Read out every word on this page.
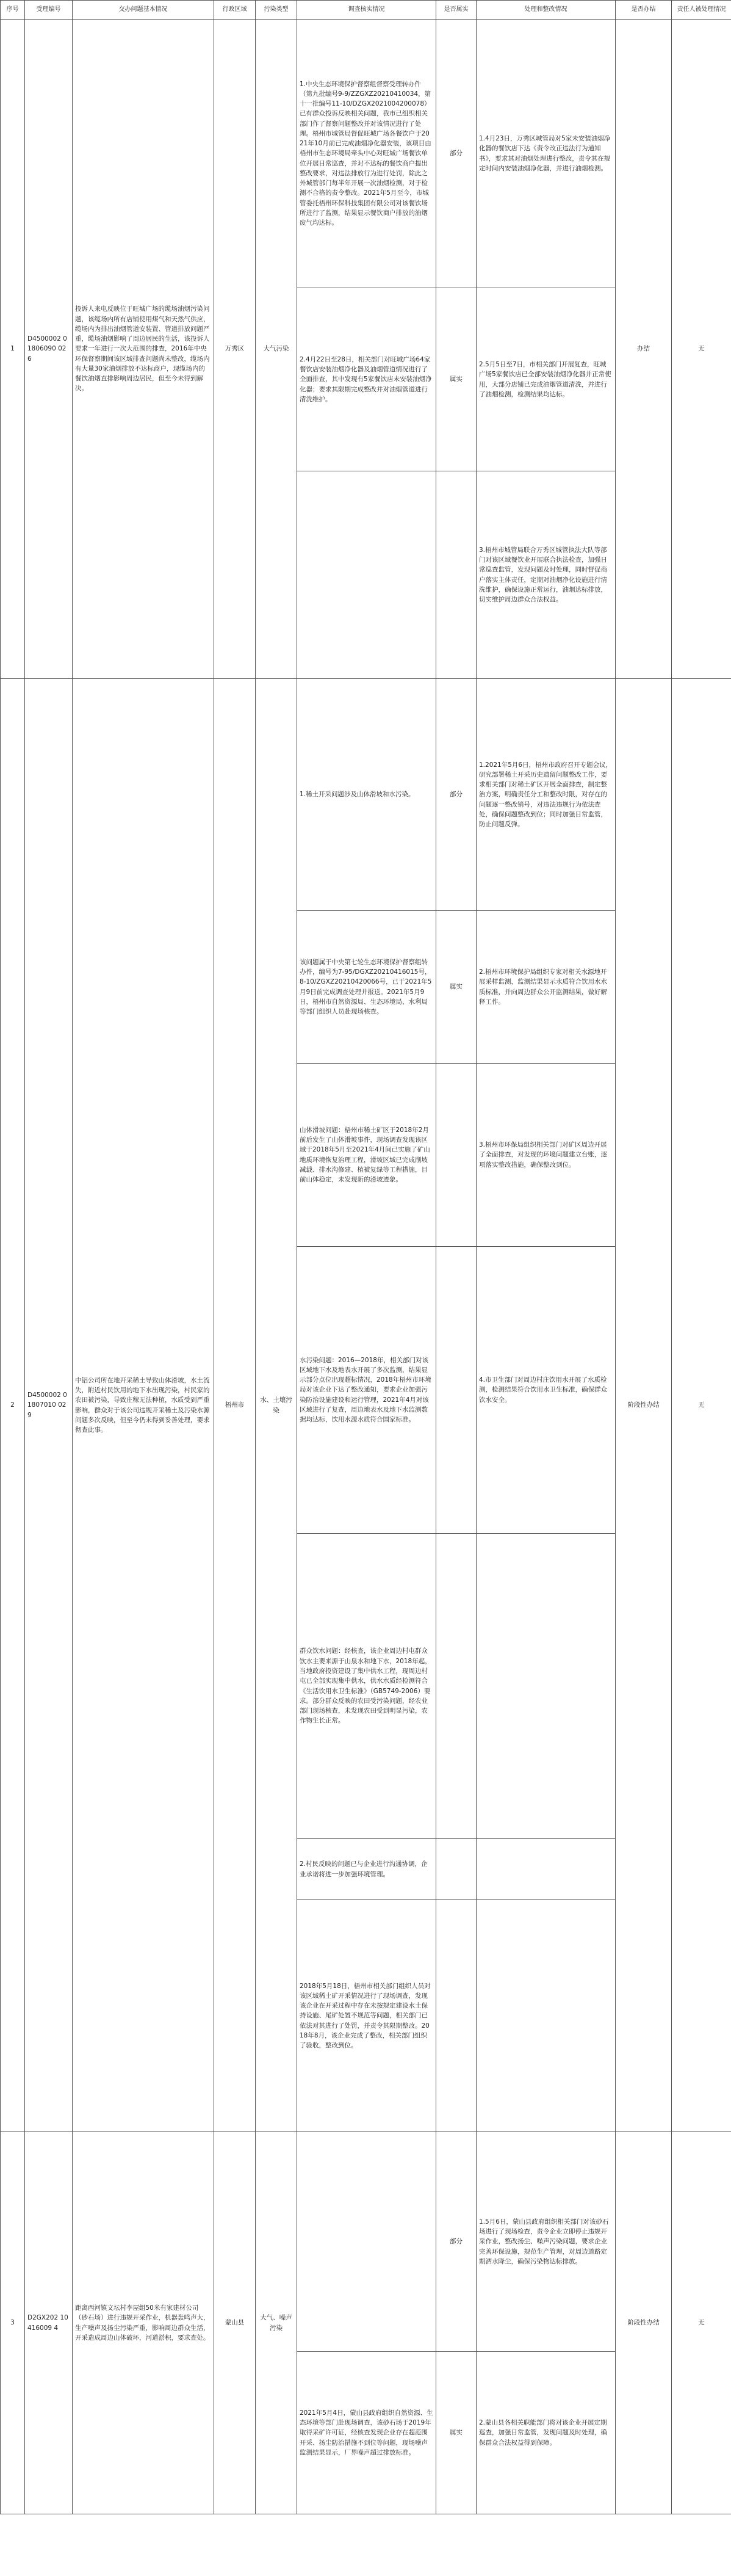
序号	受理编号	交办问题基本情况	行政区域	污染类型	调查核实情况	是否属实	处理和整改情况	是否办结	责任人被处理情况
1	D4500002 01806090 026	投诉人来电反映位于旺城广场的缆场油烟污染问题，该缆场内所有店铺使用煤气和天然气供应，缆场内为排出油烟管道安装置、管道排放问题严重，缆场油烟影响了周边居民的生活，该投诉人要求一年进行一次大范围的排查，2016年中央环保督察期间该区域排查问题尚未整改，缆场内有大量30家油烟排放不达标商户，现缆场内的餐饮油烟直排影响周边居民，但至今未得到解决。	万秀区	大气污染	1.中央生态环境保护督察组督察受理转办件（第九批编号9-9/ZZGXZ20210410034，第十一批编号11-10/DZGX2021004200078）已有群众投诉反映相关问题，我市已组织相关部门作了督察问题整改并对该情况进行了处理。梧州市城管局督促旺城广场各餐饮户于2021年10月前已完成油烟净化器安装，该项目由梧州市生态环境局牵头中心对旺城广场餐饮单位开展日常巡查，并对不达标的餐饮商户提出整改要求，对违法排放行为进行处罚，除此之外城管部门每半年开展一次油烟检测，对于检测不合格的责令整改。2021年5月至今，市城管委托梧州环保科技集团有限公司对该餐饮场所进行了监测，结果显示餐饮商户排放的油烟废气均达标。	部分	1.4月23日，万秀区城管局对5家未安装油烟净化器的餐饮店下达《责令改正违法行为通知书》，要求其对油烟处理进行整改，责令其在规定时间内安装油烟净化器，并进行油烟检测。	办结	无
					2.4月22日至28日，相关部门对旺城广场64家餐饮店安装油烟净化器及油烟管道情况进行了全面排查，其中发现有5家餐饮店未安装油烟净化器；要求其限期完成整改并对油烟管道进行清洗维护。	属实	2.5月5日至7日，市相关部门开展复查，旺城广场5家餐饮店已全部安装油烟净化器并正常使用，大部分店铺已完成油烟管道清洗，并进行了油烟检测，检测结果均达标。		
							3.梧州市城管局联合万秀区城管执法大队等部门对该区域餐饮业开展联合执法检查，加强日常巡查监管，发现问题及时处理，同时督促商户落实主体责任，定期对油烟净化设施进行清洗维护，确保设施正常运行，油烟达标排放，切实维护周边群众合法权益。		
2	D4500002 01807010 029	中铝公司所在地开采稀土导致山体滑坡，水土流失，附近村民饮用的地下水出现污染，村民家的农田被污染，导致庄稼无法种植，水质受到严重影响，群众对于该公司违规开采稀土及污染水源问题多次反映，但至今仍未得到妥善处理，要求彻查此事。	梧州市	水、土壤污染	1.稀土开采问题涉及山体滑坡和水污染。	部分	1.2021年5月6日，梧州市政府召开专题会议，研究部署稀土开采历史遗留问题整改工作，要求相关部门对稀土矿区开展全面排查，制定整治方案，明确责任分工和整改时限，对存在的问题逐一整改销号，对违法违规行为依法查处，确保问题整改到位；同时加强日常监管，防止问题反弹。	阶段性办结	无
					该问题属于中央第七轮生态环境保护督察组转办件，编号为7-95/DGXZ20210416015号，8-10/ZGXZ20210420066号，已于2021年5月9日前完成调查处理并报送。2021年5月9日，梧州市自然资源局、生态环境局、水利局等部门组织人员赴现场核查。	属实	2.梧州市环境保护局组织专家对相关水源地开展采样监测，监测结果显示水质符合饮用水水质标准，并向周边群众公开监测结果，做好解释工作。		
					山体滑坡问题：梧州市稀土矿区于2018年2月前后发生了山体滑坡事件，现场调查发现该区域于2018年5月至2021年4月间已实施了矿山地质环境恢复治理工程，滑坡区域已完成削坡减载、排水沟修建、植被复绿等工程措施，目前山体稳定，未发现新的滑坡迹象。		3.梧州市环保局组织相关部门对矿区周边开展了全面排查，对发现的环境问题建立台账，逐项落实整改措施，确保整改到位。		
					水污染问题：2016—2018年，相关部门对该区域地下水及地表水开展了多次监测，结果显示部分点位出现超标情况，2018年梧州市环境局对该企业下达了整改通知，要求企业加强污染防治设施建设和运行管理，2021年4月对该区域进行了复查，周边地表水及地下水监测数据均达标，饮用水源水质符合国家标准。		4.市卫生部门对周边村庄饮用水开展了水质检测，检测结果符合饮用水卫生标准，确保群众饮水安全。		
					群众饮水问题：经核查，该企业周边村屯群众饮水主要来源于山泉水和地下水，2018年起，当地政府投资建设了集中供水工程，现周边村屯已全部实现集中供水，供水水质经检测符合《生活饮用水卫生标准》（GB5749-2006）要求。部分群众反映的农田受污染问题，经农业部门现场核查，未发现农田受到明显污染，农作物生长正常。				
					2.村民反映的问题已与企业进行沟通协调，企业承诺将进一步加强环境管理。				
					2018年5月18日，梧州市相关部门组织人员对该区域稀土矿开采情况进行了现场调查，发现该企业在开采过程中存在未按规定建设水土保持设施、尾矿处置不规范等问题，相关部门已依法对其进行了处罚，并责令其限期整改。2018年8月，该企业完成了整改，相关部门组织了验收，整改到位。				
3	D2GX202 10416009 4	距离西河镇文坛村李屋组50米有家建材公司（砂石场）进行违规开采作业，机器轰鸣声大，生产噪声及扬尘污染严重，影响周边群众生活，开采造成周边山体破坏，河道淤积，要求查处。	蒙山县	大气、噪声污染		部分	1.5月6日，蒙山县政府组织相关部门对该砂石场进行了现场检查，责令企业立即停止违规开采作业，整改扬尘、噪声污染问题，要求企业完善环保设施，规范生产管理，对周边道路定期洒水降尘，确保污染物达标排放。	阶段性办结	无
					2021年5月4日，蒙山县政府组织自然资源、生态环境等部门赴现场调查，该砂石场于2019年取得采矿许可证，经核查发现企业存在超范围开采、扬尘防治措施不到位等问题，现场噪声监测结果显示，厂界噪声超过排放标准。	属实	2.蒙山县各相关职能部门将对该企业开展定期巡查，加强日常监管，发现问题及时处理，确保群众合法权益得到保障。		
